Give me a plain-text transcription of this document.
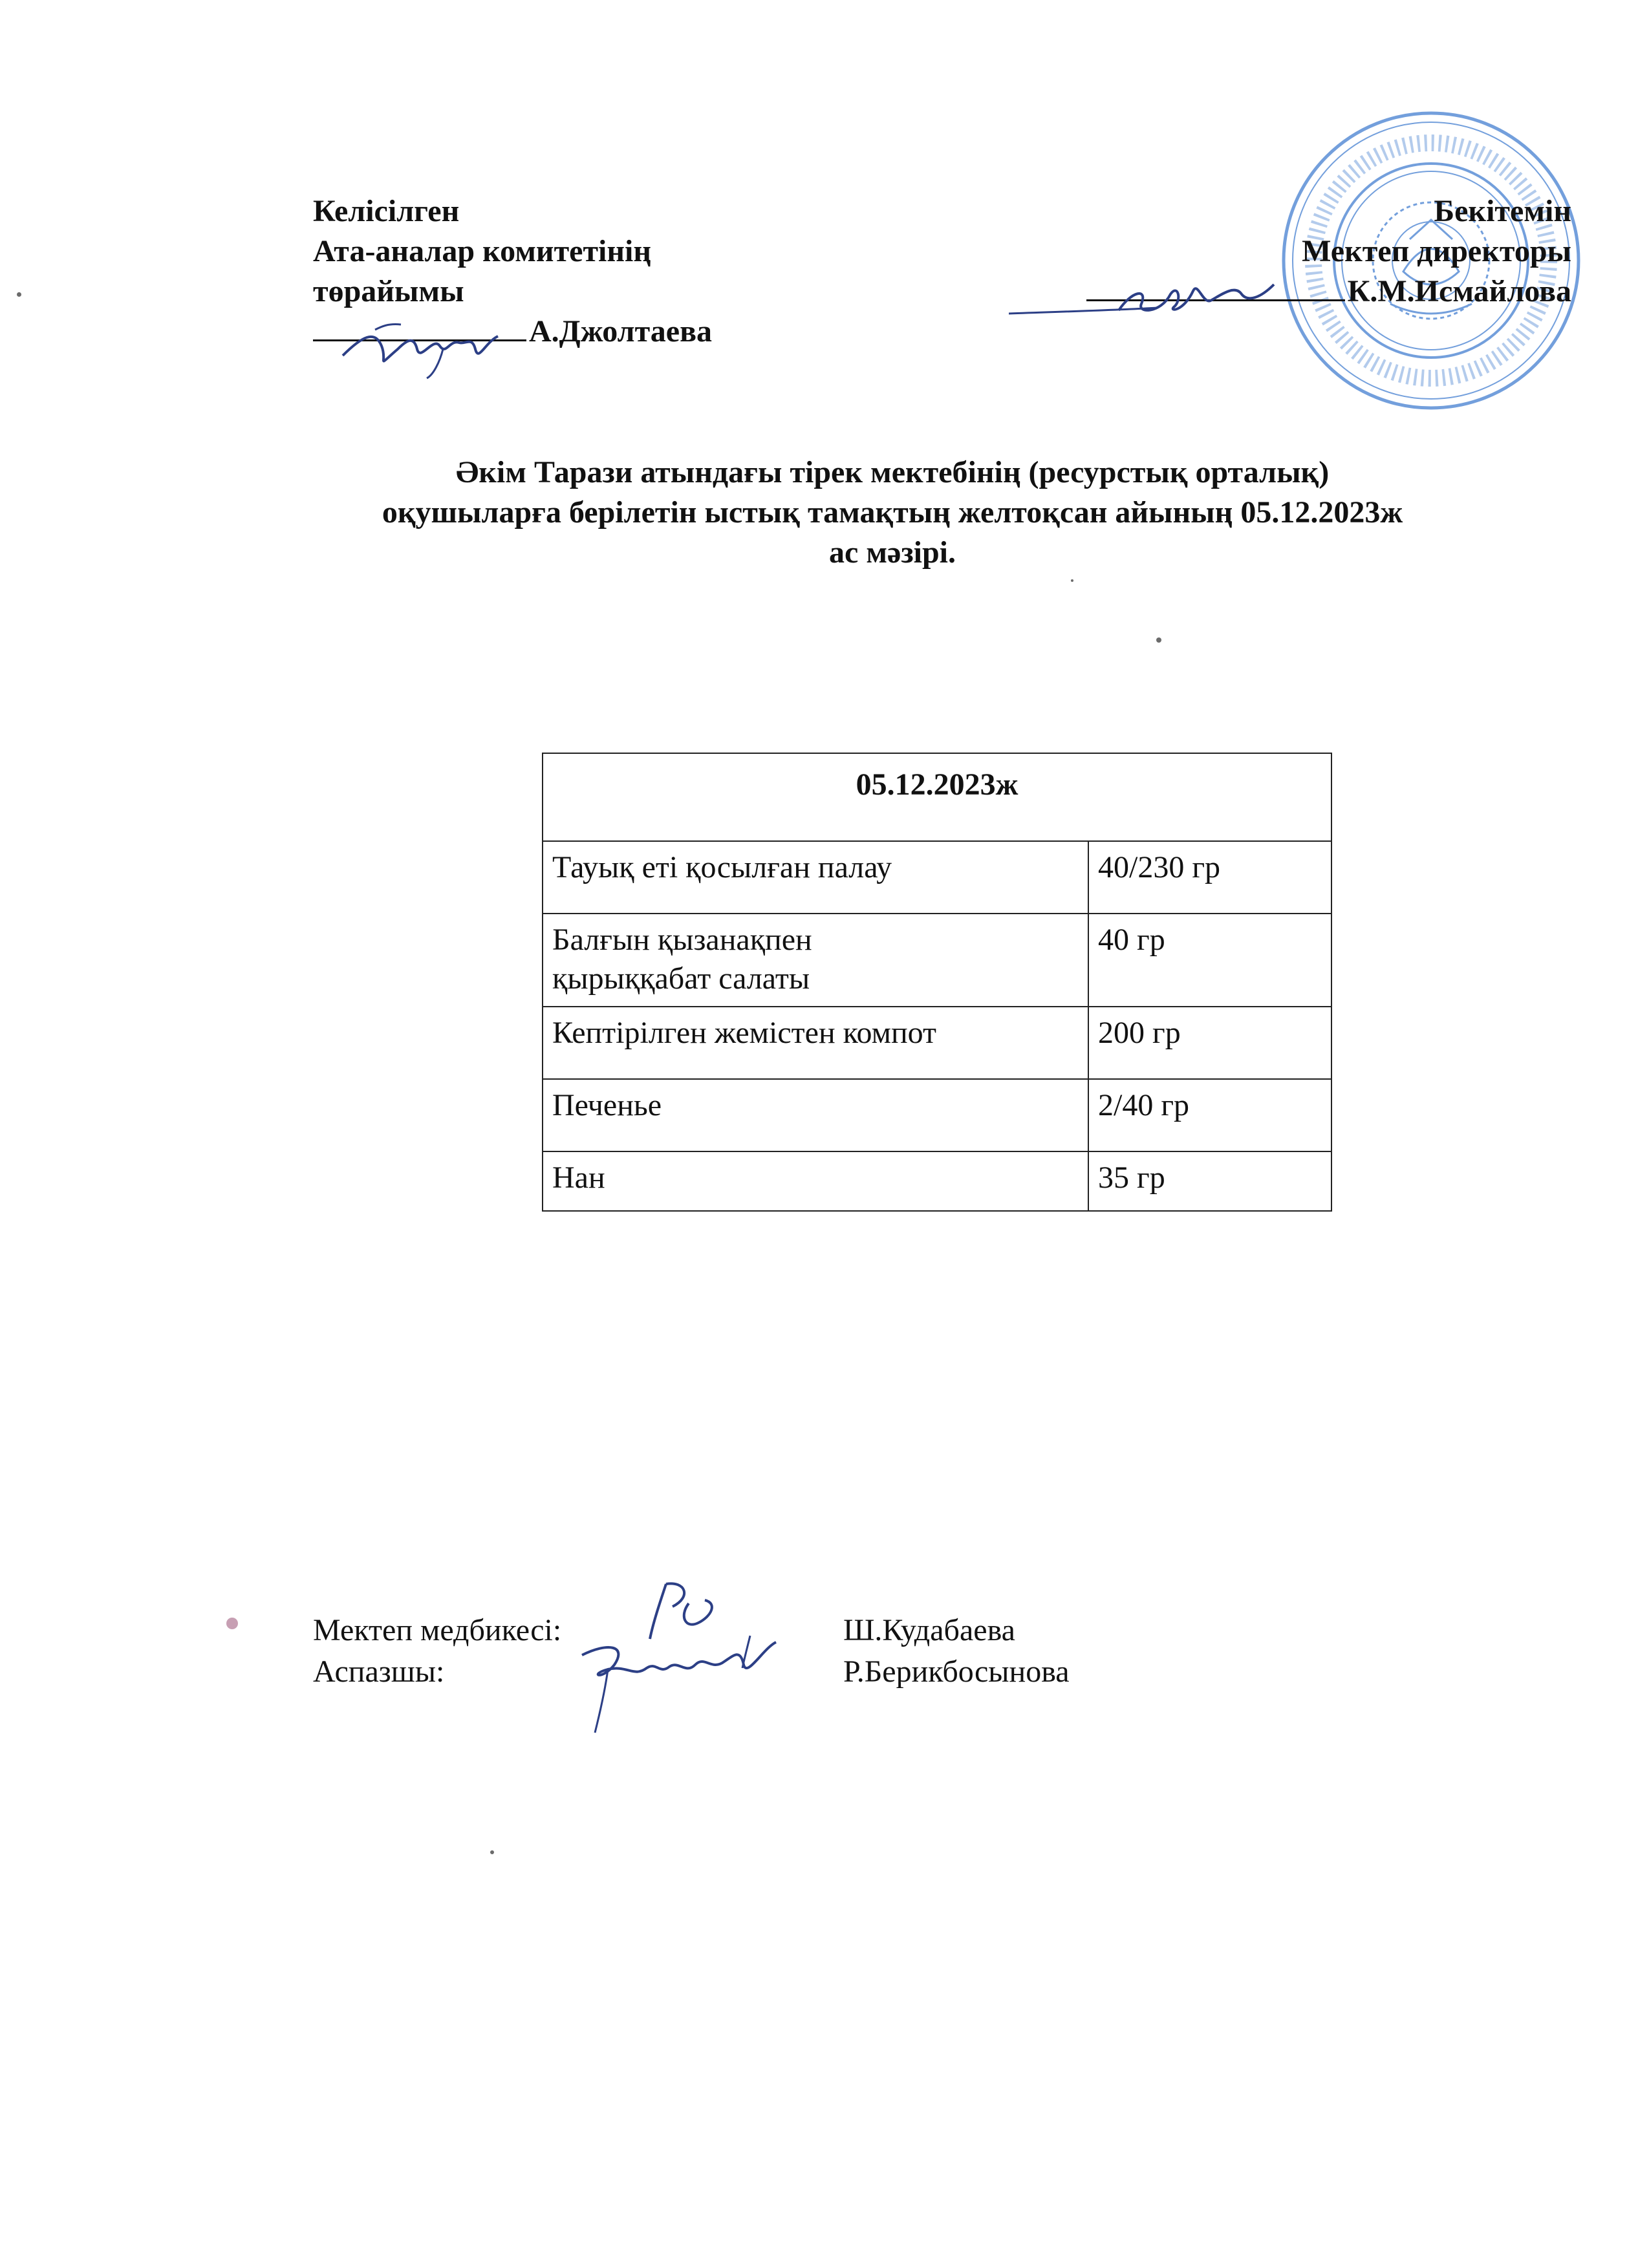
Келісілген
Ата-аналар комитетінің
төрайымы
А.Джолтаева
Бекітемін
Мектеп директоры
К.М.Исмайлова
Әкім Тарази атындағы тірек мектебінің (ресурстық орталық)
оқушыларға берілетін ыстық тамақтың желтоқсан айының 05.12.2023ж
ас мәзірі.
05.12.2023ж	
Тауық еті қосылған палау	40/230 гр

Балғын қызанақпен
қырыққабат салаты	40 гр
Кептірілген жемістен компот	200 гр
Печенье	2/40 гр
Нан	35 гр
Мектеп медбикесі:	Ш.Кудабаева
Аспазшы:	Р.Берикбосынова
